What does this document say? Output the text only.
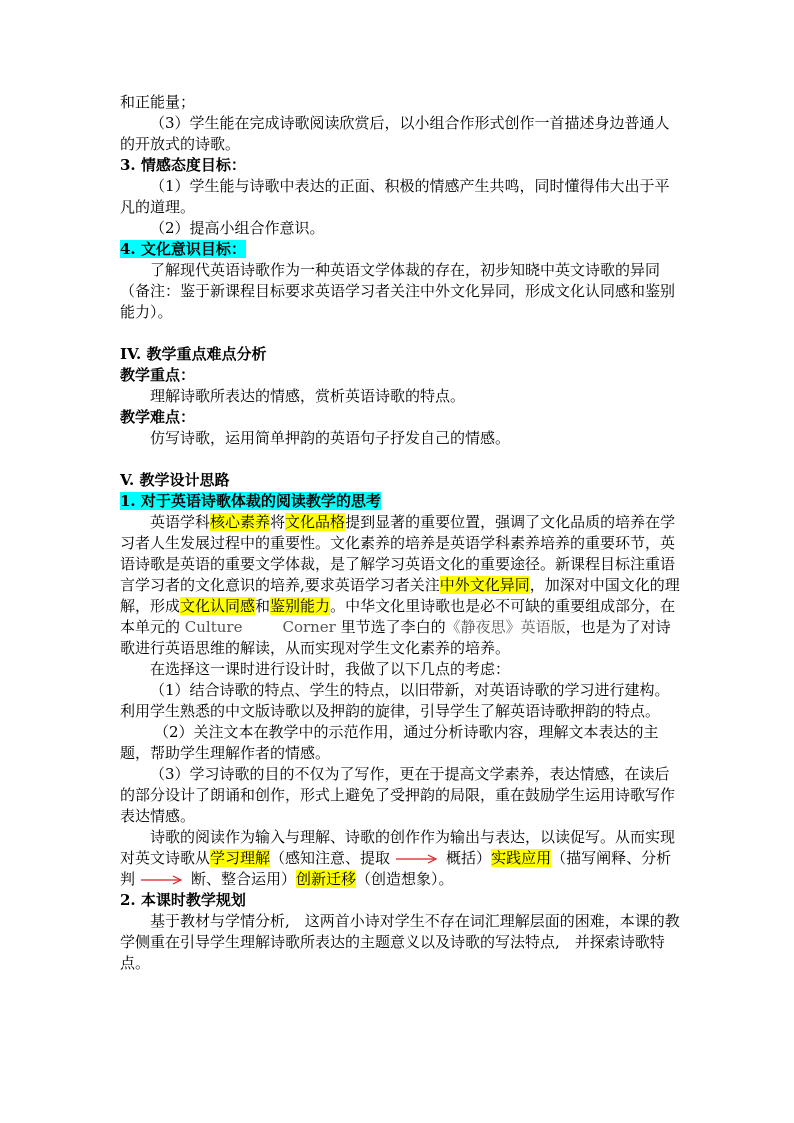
和正能量；

（3）学生能在完成诗歌阅读欣赏后，以小组合作形式创作一首描述身边普通人的开放式的诗歌。

3. 情感态度目标：

（1）学生能与诗歌中表达的正面、积极的情感产生共鸣，同时懂得伟大出于平凡的道理。

（2）提高小组合作意识。

4. 文化意识目标：

了解现代英语诗歌作为一种英语文学体裁的存在，初步知晓中英文诗歌的异同（备注：鉴于新课程目标要求英语学习者关注中外文化异同，形成文化认同感和鉴别能力）。

IV. 教学重点难点分析

教学重点：

理解诗歌所表达的情感，赏析英语诗歌的特点。

教学难点：

仿写诗歌，运用简单押韵的英语句子抒发自己的情感。

V. 教学设计思路

1. 对于英语诗歌体裁的阅读教学的思考

英语学科核心素养将文化品格提到显著的重要位置，强调了文化品质的培养在学习者人生发展过程中的重要性。文化素养的培养是英语学科素养培养的重要环节，英语诗歌是英语的重要文学体裁，是了解学习英语文化的重要途径。新课程目标注重语言学习者的文化意识的培养,要求英语学习者关注中外文化异同，加深对中国文化的理解，形成文化认同感和鉴别能力。中华文化里诗歌也是必不可缺的重要组成部分，在本单元的 Culture	Corner 里节选了李白的《静夜思》英语版，也是为了对诗歌进行英语思维的解读，从而实现对学生文化素养的培养。

在选择这一课时进行设计时，我做了以下几点的考虑：

（1）结合诗歌的特点、学生的特点，以旧带新，对英语诗歌的学习进行建构。利用学生熟悉的中文版诗歌以及押韵的旋律，引导学生了解英语诗歌押韵的特点。

（2）关注文本在教学中的示范作用，通过分析诗歌内容，理解文本表达的主题，帮助学生理解作者的情感。

（3）学习诗歌的目的不仅为了写作，更在于提高文学素养，表达情感，在读后的部分设计了朗诵和创作，形式上避免了受押韵的局限，重在鼓励学生运用诗歌写作表达情感。

诗歌的阅读作为输入与理解、诗歌的创作作为输出与表达，以读促写。从而实现对英文诗歌从学习理解（感知注意、提取	概括）实践应用（描写阐释、分析判	断、整合运用）创新迁移（创造想象）。

2. 本课时教学规划

基于教材与学情分析,　这两首小诗对学生不存在词汇理解层面的困难，本课的教学侧重在引导学生理解诗歌所表达的主题意义以及诗歌的写法特点,　并探索诗歌特点。
